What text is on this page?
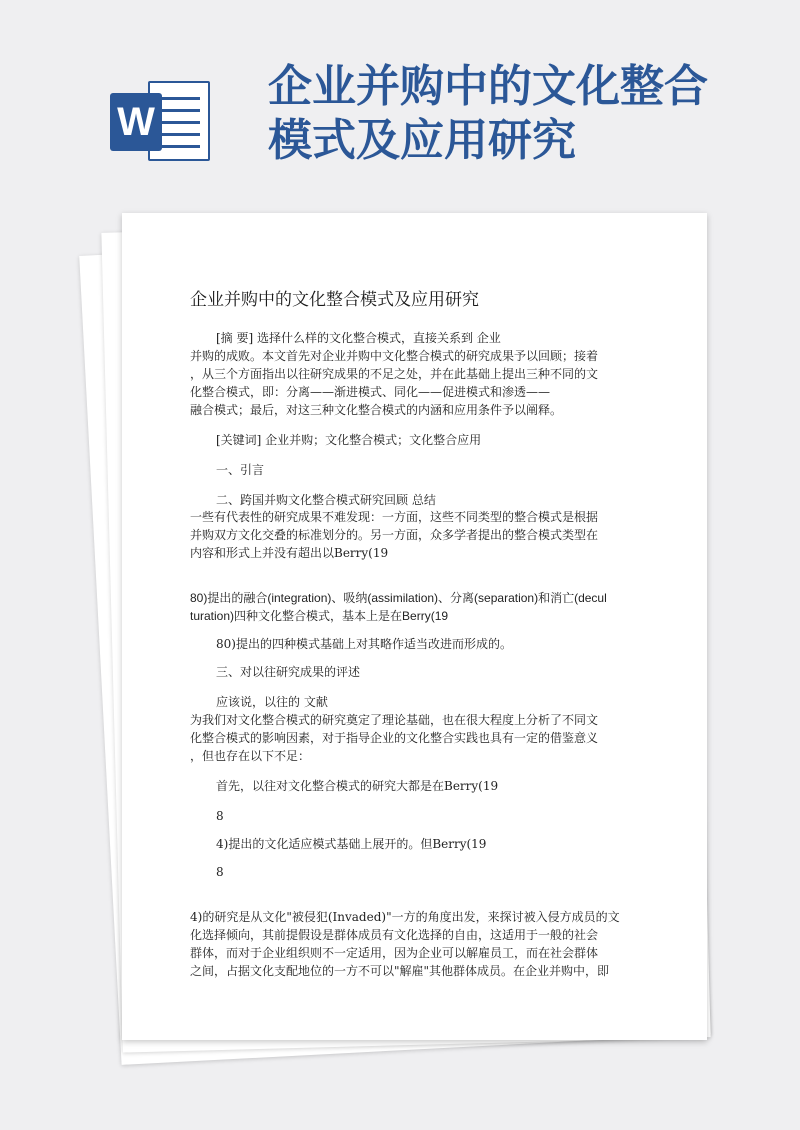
W
企业并购中的文化整合
模式及应用研究
企业并购中的文化整合模式及应用研究
[摘 要] 选择什么样的文化整合模式，直接关系到 企业
并购的成败。本文首先对企业并购中文化整合模式的研究成果予以回顾；接着
，从三个方面指出以往研究成果的不足之处，并在此基础上提出三种不同的文
化整合模式，即：分离——渐进模式、同化——促进模式和渗透——
融合模式；最后，对这三种文化整合模式的内涵和应用条件予以阐释。
[关键词] 企业并购；文化整合模式；文化整合应用
一、引言
二、跨国并购文化整合模式研究回顾 总结
一些有代表性的研究成果不难发现：一方面，这些不同类型的整合模式是根据
并购双方文化交叠的标准划分的。另一方面，众多学者提出的整合模式类型在
内容和形式上并没有超出以Berry(19
80)提出的融合(integration)、吸纳(assimilation)、分离(separation)和消亡(decul
turation)四种文化整合模式，基本上是在Berry(19
80)提出的四种模式基础上对其略作适当改进而形成的。
三、对以往研究成果的评述
应该说，以往的 文献
为我们对文化整合模式的研究奠定了理论基础，也在很大程度上分析了不同文
化整合模式的影响因素，对于指导企业的文化整合实践也具有一定的借鉴意义
，但也存在以下不足：
首先，以往对文化整合模式的研究大都是在Berry(19
8
4)提出的文化适应模式基础上展开的。但Berry(19
8
4)的研究是从文化"被侵犯(Invaded)"一方的角度出发，来探讨被入侵方成员的文
化选择倾向，其前提假设是群体成员有文化选择的自由，这适用于一般的社会
群体，而对于企业组织则不一定适用，因为企业可以解雇员工，而在社会群体
之间，占据文化支配地位的一方不可以"解雇"其他群体成员。在企业并购中，即
